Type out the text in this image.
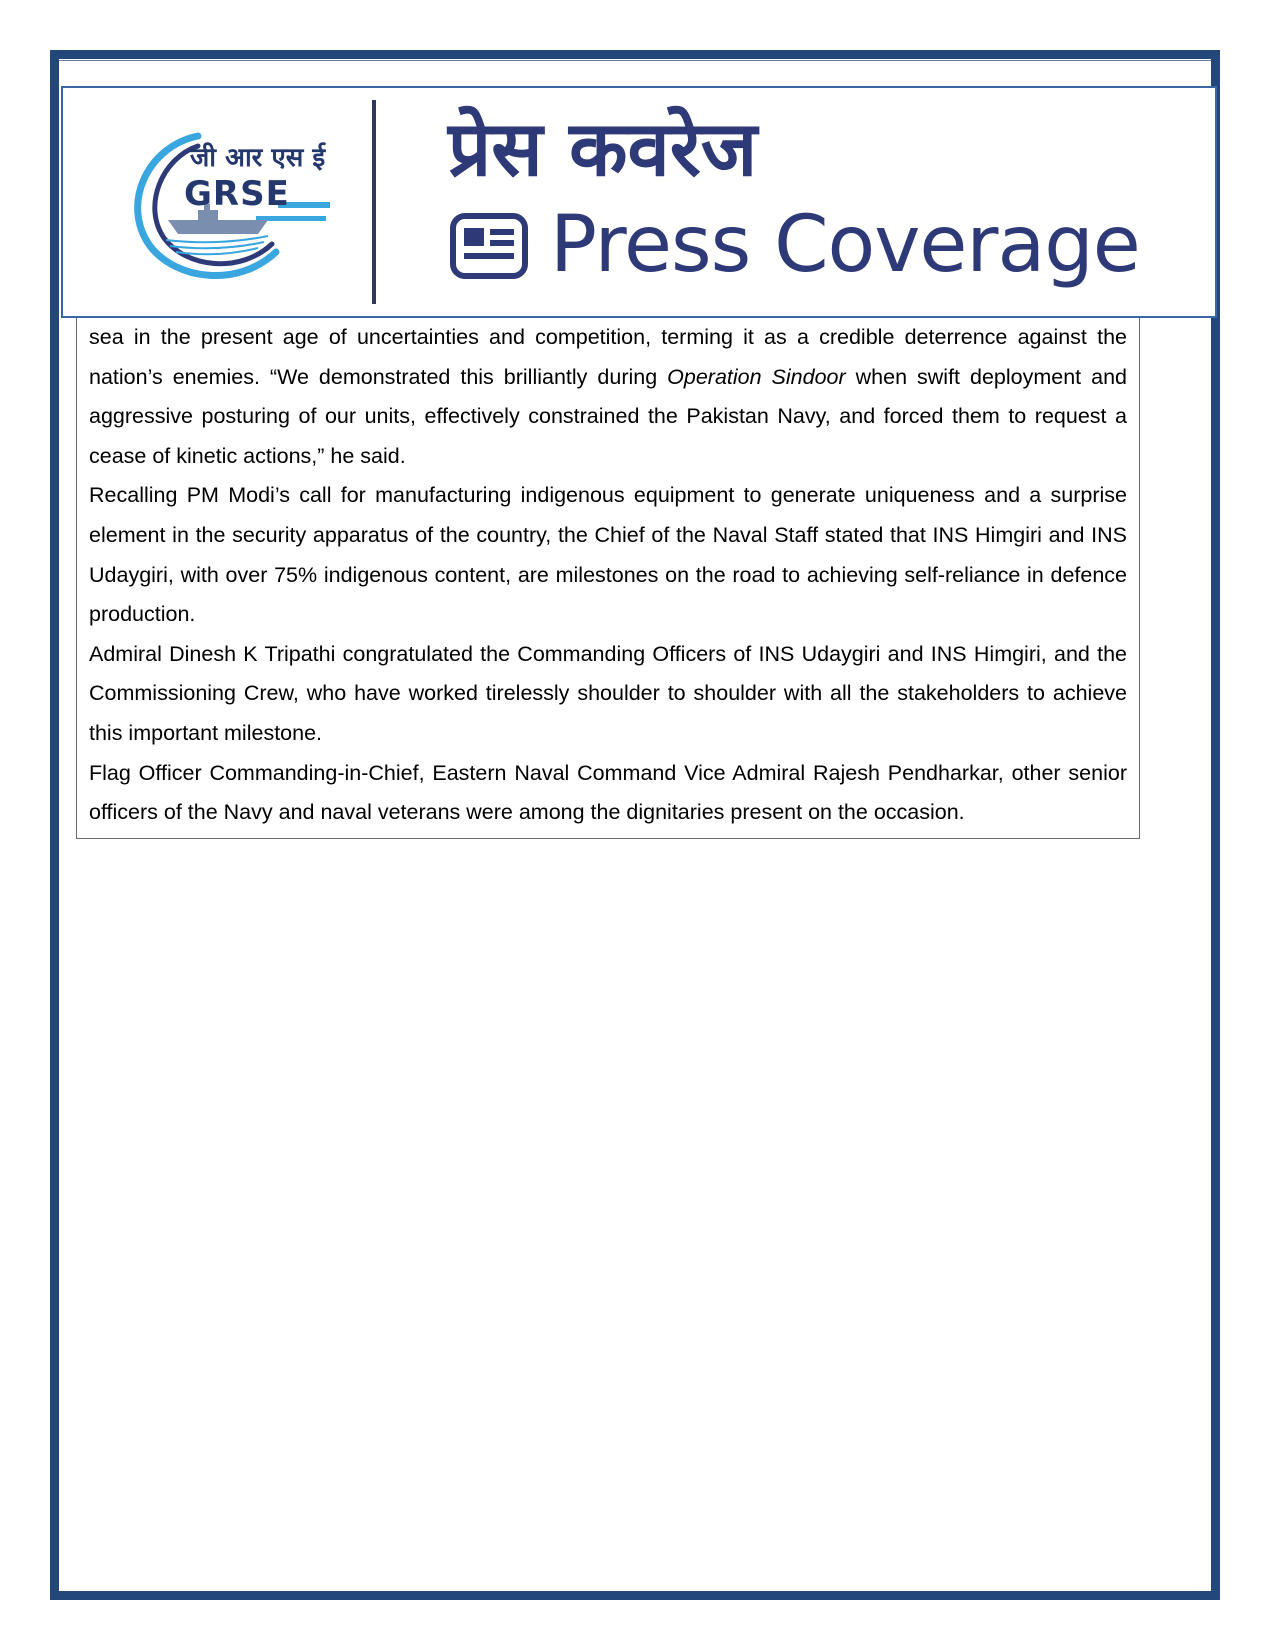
जी आर एस ई
GRSE
प्रेस कवरेज
Press Coverage

sea in the present age of uncertainties and competition, terming it as a credible deterrence against the nation’s enemies. “We demonstrated this brilliantly during Operation Sindoor when swift deployment and aggressive posturing of our units, effectively constrained the Pakistan Navy, and forced them to request a cease of kinetic actions,” he said.

Recalling PM Modi’s call for manufacturing indigenous equipment to generate uniqueness and a surprise element in the security apparatus of the country, the Chief of the Naval Staff stated that INS Himgiri and INS Udaygiri, with over 75% indigenous content, are milestones on the road to achieving self-reliance in defence production.

Admiral Dinesh K Tripathi congratulated the Commanding Officers of INS Udaygiri and INS Himgiri, and the Commissioning Crew, who have worked tirelessly shoulder to shoulder with all the stakeholders to achieve this important milestone.

Flag Officer Commanding-in-Chief, Eastern Naval Command Vice Admiral Rajesh Pendharkar, other senior officers of the Navy and naval veterans were among the dignitaries present on the occasion.
